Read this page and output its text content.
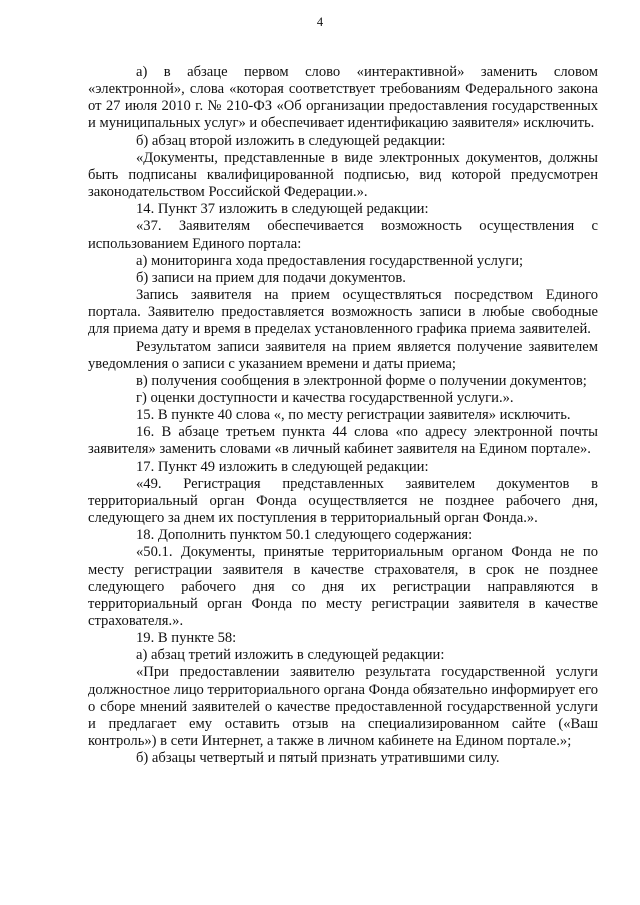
4

а) в абзаце первом слово «интерактивной» заменить словом «электронной», слова «которая соответствует требованиям Федерального закона от 27 июля 2010 г. № 210-ФЗ «Об организации предоставления государственных и муниципальных услуг» и обеспечивает идентификацию заявителя» исключить.

б) абзац второй изложить в следующей редакции:

«Документы, представленные в виде электронных документов, должны быть подписаны квалифицированной подписью, вид которой предусмотрен законодательством Российской Федерации.».

14. Пункт 37 изложить в следующей редакции:

«37. Заявителям обеспечивается возможность осуществления с использованием Единого портала:

а) мониторинга хода предоставления государственной услуги;

б) записи на прием для подачи документов.

Запись заявителя на прием осуществляться посредством Единого портала. Заявителю предоставляется возможность записи в любые свободные для приема дату и время в пределах установленного графика приема заявителей.

Результатом записи заявителя на прием является получение заявителем уведомления о записи с указанием времени и даты приема;

в) получения сообщения в электронной форме о получении документов;

г) оценки доступности и качества государственной услуги.».

15. В пункте 40 слова «, по месту регистрации заявителя» исключить.

16. В абзаце третьем пункта 44 слова «по адресу электронной почты заявителя» заменить словами «в личный кабинет заявителя на Едином портале».

17. Пункт 49 изложить в следующей редакции:

«49. Регистрация представленных заявителем документов в территориальный орган Фонда осуществляется не позднее рабочего дня, следующего за днем их поступления в территориальный орган Фонда.».

18. Дополнить пунктом 50.1 следующего содержания:

«50.1. Документы, принятые территориальным органом Фонда не по месту регистрации заявителя в качестве страхователя, в срок не позднее следующего рабочего дня со дня их регистрации направляются в территориальный орган Фонда по месту регистрации заявителя в качестве страхователя.».

19. В пункте 58:

а) абзац третий изложить в следующей редакции:

«При предоставлении заявителю результата государственной услуги должностное лицо территориального органа Фонда обязательно информирует его о сборе мнений заявителей о качестве предоставленной государственной услуги и предлагает ему оставить отзыв на специализированном сайте («Ваш контроль») в сети Интернет, а также в личном кабинете на Едином портале.»;

б) абзацы четвертый и пятый признать утратившими силу.
